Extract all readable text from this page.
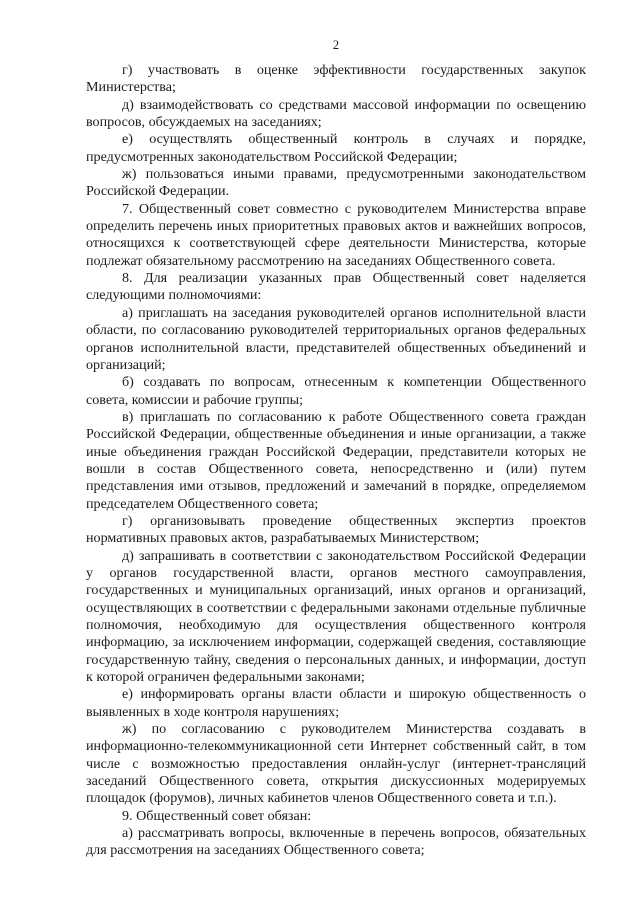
2

г) участвовать в оценке эффективности государственных закупок Министерства;

д) взаимодействовать со средствами массовой информации по освещению вопросов, обсуждаемых на заседаниях;

е) осуществлять общественный контроль в случаях и порядке, предусмотренных законодательством Российской Федерации;

ж) пользоваться иными правами, предусмотренными законодательством Российской Федерации.

7. Общественный совет совместно с руководителем Министерства вправе определить перечень иных приоритетных правовых актов и важнейших вопросов, относящихся к соответствующей сфере деятельности Министерства, которые подлежат обязательному рассмотрению на заседаниях Общественного совета.

8. Для реализации указанных прав Общественный совет наделяется следующими полномочиями:

а) приглашать на заседания руководителей органов исполнительной власти области, по согласованию руководителей территориальных органов федеральных органов исполнительной власти, представителей общественных объединений и организаций;

б) создавать по вопросам, отнесенным к компетенции Общественного совета, комиссии и рабочие группы;

в) приглашать по согласованию к работе Общественного совета граждан Российской Федерации, общественные объединения и иные организации, а также иные объединения граждан Российской Федерации, представители которых не вошли в состав Общественного совета, непосредственно и (или) путем представления ими отзывов, предложений и замечаний в порядке, определяемом председателем Общественного совета;

г) организовывать проведение общественных экспертиз проектов нормативных правовых актов, разрабатываемых Министерством;

д) запрашивать в соответствии с законодательством Российской Федерации у органов государственной власти, органов местного самоуправления, государственных и муниципальных организаций, иных органов и организаций, осуществляющих в соответствии с федеральными законами отдельные публичные полномочия, необходимую для осуществления общественного контроля информацию, за исключением информации, содержащей сведения, составляющие государственную тайну, сведения о персональных данных, и информации, доступ к которой ограничен федеральными законами;

е) информировать органы власти области и широкую общественность о выявленных в ходе контроля нарушениях;

ж) по согласованию с руководителем Министерства создавать в информационно-телекоммуникационной сети Интернет собственный сайт, в том числе с возможностью предоставления онлайн-услуг (интернет-трансляций заседаний Общественного совета, открытия дискуссионных модерируемых площадок (форумов), личных кабинетов членов Общественного совета и т.п.).

9. Общественный совет обязан:

а) рассматривать вопросы, включенные в перечень вопросов, обязательных для рассмотрения на заседаниях Общественного совета;
